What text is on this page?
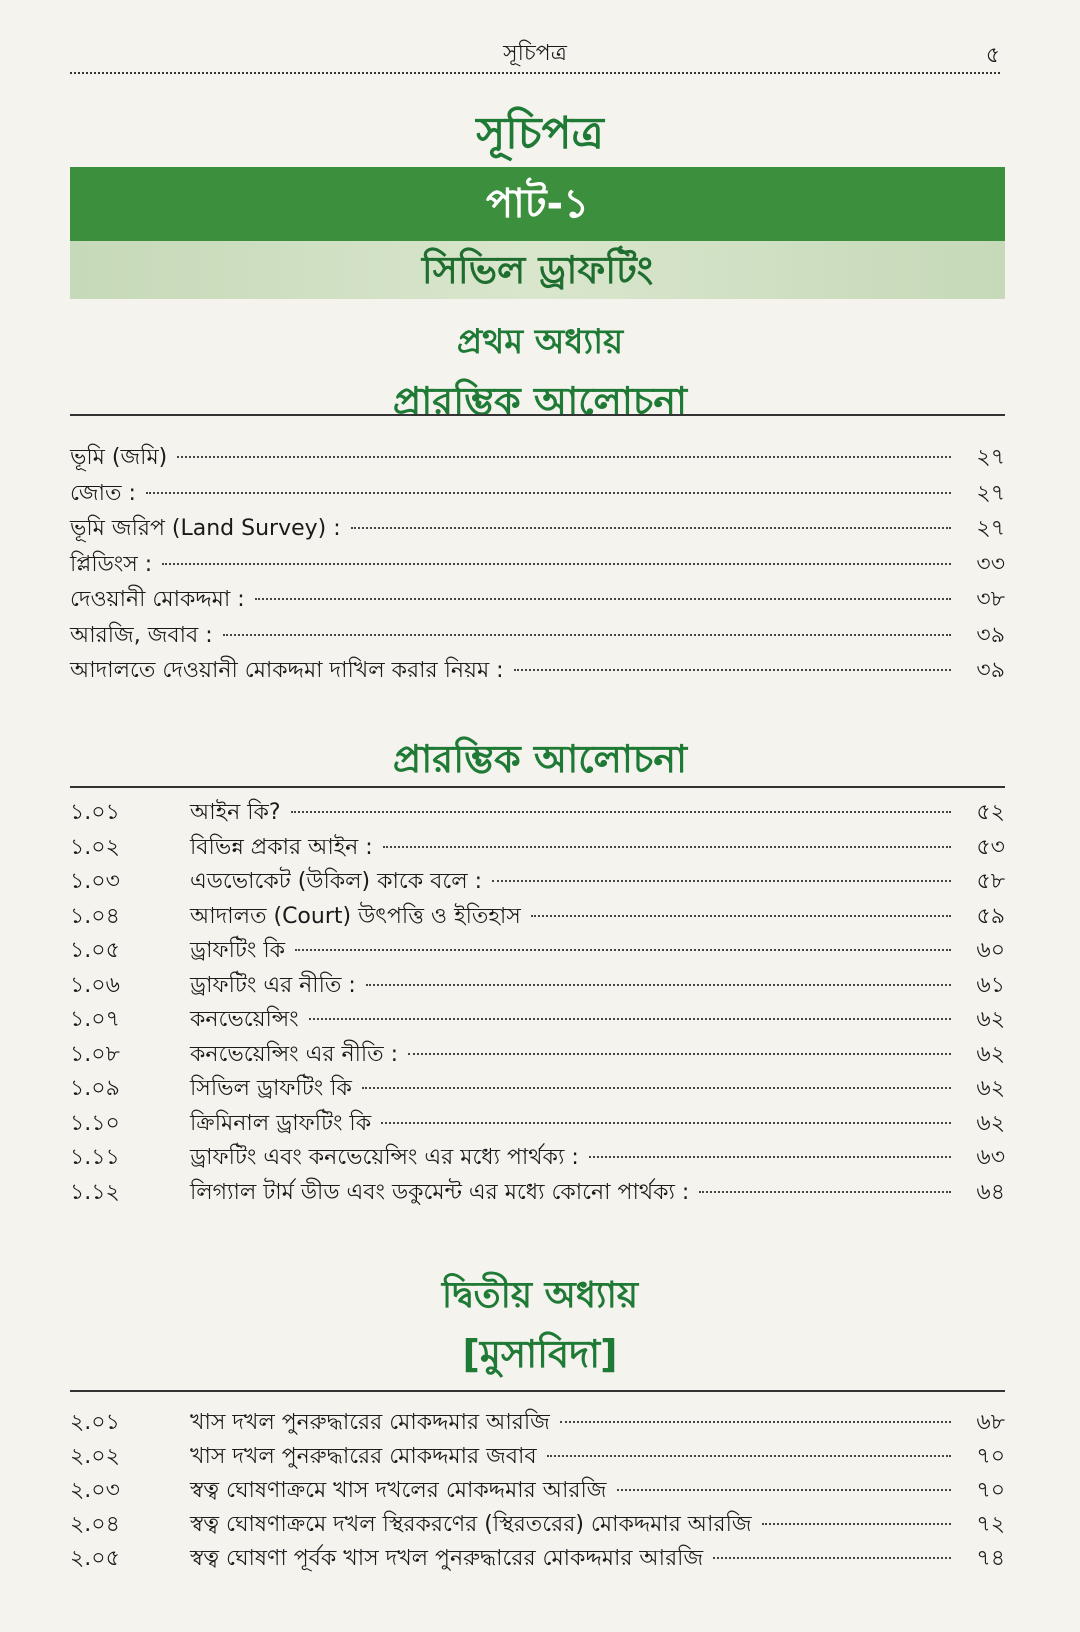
সূচিপত্র	৫
সূচিপত্র
পাট-১
সিভিল ড্রাফটিং
প্রথম অধ্যায়
প্রারম্ভিক আলোচনা
ভূমি (জমি)	২৭
জোত :	২৭
ভূমি জরিপ (Land Survey) :	২৭
প্লিডিংস :	৩৩
দেওয়ানী মোকদ্দমা :	৩৮
আরজি, জবাব :	৩৯
আদালতে দেওয়ানী মোকদ্দমা দাখিল করার নিয়ম :	৩৯
প্রারম্ভিক আলোচনা
১.০১	আইন কি?	৫২
১.০২	বিভিন্ন প্রকার আইন :	৫৩
১.০৩	এডভোকেট (উকিল) কাকে বলে :	৫৮
১.০৪	আদালত (Court) উৎপত্তি ও ইতিহাস	৫৯
১.০৫	ড্রাফটিং কি	৬০
১.০৬	ড্রাফটিং এর নীতি :	৬১
১.০৭	কনভেয়েন্সিং	৬২
১.০৮	কনভেয়েন্সিং এর নীতি :	৬২
১.০৯	সিভিল ড্রাফটিং কি	৬২
১.১০	ক্রিমিনাল ড্রাফটিং কি	৬২
১.১১	ড্রাফটিং এবং কনভেয়েন্সিং এর মধ্যে পার্থক্য :	৬৩
১.১২	লিগ্যাল টার্ম ডীড এবং ডকুমেন্ট এর মধ্যে কোনো পার্থক্য :	৬৪
দ্বিতীয় অধ্যায়
[মুসাবিদা]
২.০১	খাস দখল পুনরুদ্ধারের মোকদ্দমার আরজি	৬৮
২.০২	খাস দখল পুনরুদ্ধারের মোকদ্দমার জবাব	৭০
২.০৩	স্বত্ব ঘোষণাক্রমে খাস দখলের মোকদ্দমার আরজি	৭০
২.০৪	স্বত্ব ঘোষণাক্রমে দখল স্থিরকরণের (স্থিরতরের) মোকদ্দমার আরজি	৭২
২.০৫	স্বত্ব ঘোষণা পূর্বক খাস দখল পুনরুদ্ধারের মোকদ্দমার আরজি	৭৪
